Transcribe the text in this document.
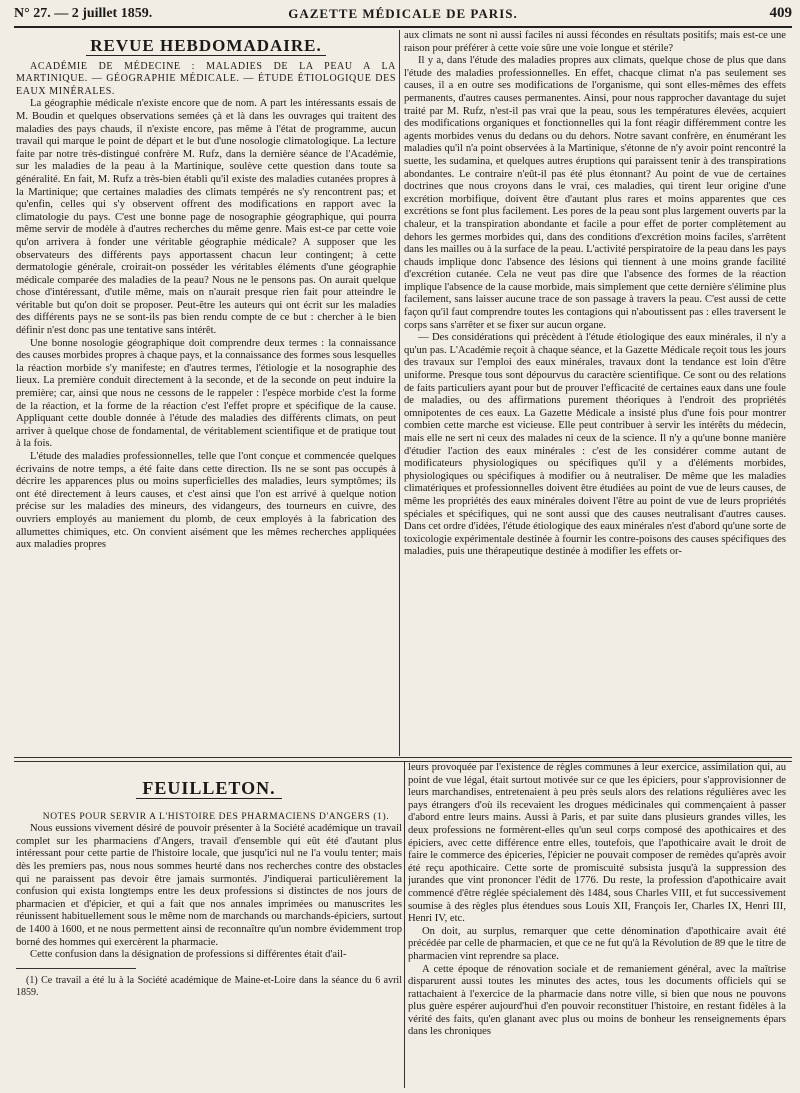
N° 27. — 2 juillet 1859.	GAZETTE MÉDICALE DE PARIS.	409
REVUE HEBDOMADAIRE.

ACADÉMIE DE MÉDECINE : MALADIES DE LA PEAU A LA MARTINIQUE. — GÉOGRAPHIE MÉDICALE. — ÉTUDE ÉTIOLOGIQUE DES EAUX MINÉRALES.

La géographie médicale n'existe encore que de nom. A part les intéressants essais de M. Boudin et quelques observations semées çà et là dans les ouvrages qui traitent des maladies des pays chauds, il n'existe encore, pas même à l'état de programme, aucun travail qui marque le point de départ et le but d'une nosologie climatologique. La lecture faite par notre très-distingué confrère M. Rufz, dans la dernière séance de l'Académie, sur les maladies de la peau à la Martinique, soulève cette question dans toute sa généralité. En fait, M. Rufz a très-bien établi qu'il existe des maladies cutanées propres à la Martinique; que certaines maladies des climats tempérés ne s'y rencontrent pas; et qu'enfin, celles qui s'y observent offrent des modifications en rapport avec la climatologie du pays. C'est une bonne page de nosographie géographique, qui pourra même servir de modèle à d'autres recherches du même genre. Mais est-ce par cette voie qu'on arrivera à fonder une véritable géographie médicale? A supposer que les observateurs des différents pays apportassent chacun leur contingent; à cette dermatologie générale, croirait-on posséder les véritables éléments d'une géographie médicale comparée des maladies de la peau? Nous ne le pensons pas. On aurait quelque chose d'intéressant, d'utile même, mais on n'aurait presque rien fait pour atteindre le véritable but qu'on doit se proposer. Peut-être les auteurs qui ont écrit sur les maladies des différents pays ne se sont-ils pas bien rendu compte de ce but : chercher à le bien définir n'est donc pas une tentative sans intérêt.

Une bonne nosologie géographique doit comprendre deux termes : la connaissance des causes morbides propres à chaque pays, et la connaissance des formes sous lesquelles la réaction morbide s'y manifeste; en d'autres termes, l'étiologie et la nosographie des lieux. La première conduit directement à la seconde, et de la seconde on peut induire la première; car, ainsi que nous ne cessons de le rappeler : l'espèce morbide c'est la forme de la réaction, et la forme de la réaction c'est l'effet propre et spécifique de la cause. Appliquant cette double donnée à l'étude des maladies des différents climats, on peut arriver à quelque chose de fondamental, de véritablement scientifique et de pratique tout à la fois.

L'étude des maladies professionnelles, telle que l'ont conçue et commencée quelques écrivains de notre temps, a été faite dans cette direction. Ils ne se sont pas occupés à décrire les apparences plus ou moins superficielles des maladies, leurs symptômes; ils ont été directement à leurs causes, et c'est ainsi que l'on est arrivé à quelque notion précise sur les maladies des mineurs, des vidangeurs, des tourneurs en cuivre, des ouvriers employés au maniement du plomb, de ceux employés à la fabrication des allumettes chimiques, etc. On convient aisément que les mêmes recherches appliquées aux maladies propres

aux climats ne sont ni aussi faciles ni aussi fécondes en résultats positifs; mais est-ce une raison pour préférer à cette voie sûre une voie longue et stérile?

Il y a, dans l'étude des maladies propres aux climats, quelque chose de plus que dans l'étude des maladies professionnelles. En effet, chacque climat n'a pas seulement ses causes, il a en outre ses modifications de l'organisme, qui sont elles-mêmes des effets permanents, d'autres causes permanentes. Ainsi, pour nous rapprocher davantage du sujet traité par M. Rufz, n'est-il pas vrai que la peau, sous les températures élevées, acquiert des modifications organiques et fonctionnelles qui la font réagir différemment contre les agents morbides venus du dedans ou du dehors. Notre savant confrère, en énumérant les maladies qu'il n'a point observées à la Martinique, s'étonne de n'y avoir point rencontré la suette, les sudamina, et quelques autres éruptions qui paraissent tenir à des transpirations abondantes. Le contraire n'eût-il pas été plus étonnant? Au point de vue de certaines doctrines que nous croyons dans le vrai, ces maladies, qui tirent leur origine d'une excrétion morbifique, doivent être d'autant plus rares et moins apparentes que ces excrétions se font plus facilement. Les pores de la peau sont plus largement ouverts par la chaleur, et la transpiration abondante et facile a pour effet de porter complètement au dehors les germes morbides qui, dans des conditions d'excrétion moins faciles, s'arrêtent dans les mailles ou à la surface de la peau. L'activité perspiratoire de la peau dans les pays chauds implique donc l'absence des lésions qui tiennent à une moins grande facilité d'excrétion cutanée. Cela ne veut pas dire que l'absence des formes de la réaction implique l'absence de la cause morbide, mais simplement que cette dernière s'élimine plus facilement, sans laisser aucune trace de son passage à travers la peau. C'est aussi de cette façon qu'il faut comprendre toutes les contagions qui n'aboutissent pas : elles traversent le corps sans s'arrêter et se fixer sur aucun organe.

— Des considérations qui précèdent à l'étude étiologique des eaux minérales, il n'y a qu'un pas. L'Académie reçoit à chaque séance, et la Gazette Médicale reçoit tous les jours des travaux sur l'emploi des eaux minérales, travaux dont la tendance est loin d'être uniforme. Presque tous sont dépourvus du caractère scientifique. Ce sont ou des relations de faits particuliers ayant pour but de prouver l'efficacité de certaines eaux dans une foule de maladies, ou des affirmations purement théoriques à l'endroit des propriétés omnipotentes de ces eaux. La Gazette Médicale a insisté plus d'une fois pour montrer combien cette marche est vicieuse. Elle peut contribuer à servir les intérêts du médecin, mais elle ne sert ni ceux des malades ni ceux de la science. Il n'y a qu'une bonne manière d'étudier l'action des eaux minérales : c'est de les considérer comme autant de modificateurs physiologiques ou spécifiques qu'il y a d'éléments morbides, physiologiques ou spécifiques à modifier ou à neutraliser. De même que les maladies climatériques et professionnelles doivent être étudiées au point de vue de leurs causes, de même les propriétés des eaux minérales doivent l'être au point de vue de leurs propriétés spéciales et spécifiques, qui ne sont aussi que des causes neutralisant d'autres causes. Dans cet ordre d'idées, l'étude étiologique des eaux minérales n'est d'abord qu'une sorte de toxicologie expérimentale destinée à fournir les contre-poisons des causes spécifiques des maladies, puis une thérapeutique destinée à modifier les effets or-

FEUILLETON.

NOTES POUR SERVIR A L'HISTOIRE DES PHARMACIENS D'ANGERS (1).

Nous eussions vivement désiré de pouvoir présenter à la Société académique un travail complet sur les pharmaciens d'Angers, travail d'ensemble qui eût été d'autant plus intéressant pour cette partie de l'histoire locale, que jusqu'ici nul ne l'a voulu tenter; mais dès les premiers pas, nous nous sommes heurté dans nos recherches contre des obstacles qui ne paraissent pas devoir être jamais surmontés. J'indiquerai particulièrement la confusion qui exista longtemps entre les deux professions si distinctes de nos jours de pharmacien et d'épicier, et qui a fait que nos annales imprimées ou manuscrites les réunissent habituellement sous le même nom de marchands ou marchands-épiciers, surtout de 1400 à 1600, et ne nous permettent ainsi de reconnaître qu'un nombre évidemment trop borné des hommes qui exercèrent la pharmacie.

Cette confusion dans la désignation de professions si différentes était d'ail-

(1) Ce travail a été lu à la Société académique de Maine-et-Loire dans la séance du 6 avril 1859.

leurs provoquée par l'existence de règles communes à leur exercice, assimilation qui, au point de vue légal, était surtout motivée sur ce que les épiciers, pour s'approvisionner de leurs marchandises, entretenaient à peu près seuls alors des relations régulières avec les pays étrangers d'où ils recevaient les drogues médicinales qui commençaient à passer d'abord entre leurs mains. Aussi à Paris, et par suite dans plusieurs grandes villes, les deux professions ne formèrent-elles qu'un seul corps composé des apothicaires et des épiciers, avec cette différence entre elles, toutefois, que l'apothicaire avait le droit de faire le commerce des épiceries, l'épicier ne pouvait composer de remèdes qu'après avoir été reçu apothicaire. Cette sorte de promiscuité subsista jusqu'à la suppression des jurandes que vint prononcer l'édit de 1776. Du reste, la profession d'apothicaire avait commencé d'être réglée spécialement dès 1484, sous Charles VIII, et fut successivement soumise à des règles plus étendues sous Louis XII, François Ier, Charles IX, Henri III, Henri IV, etc.

On doit, au surplus, remarquer que cette dénomination d'apothicaire avait été précédée par celle de pharmacien, et que ce ne fut qu'à la Révolution de 89 que le titre de pharmacien vint reprendre sa place.

A cette époque de rénovation sociale et de remaniement général, avec la maîtrise disparurent aussi toutes les minutes des actes, tous les documents officiels qui se rattachaient à l'exercice de la pharmacie dans notre ville, si bien que nous ne pouvons plus guère espérer aujourd'hui d'en pouvoir reconstituer l'histoire, en restant fidèles à la vérité des faits, qu'en glanant avec plus ou moins de bonheur les renseignements épars dans les chroniques
